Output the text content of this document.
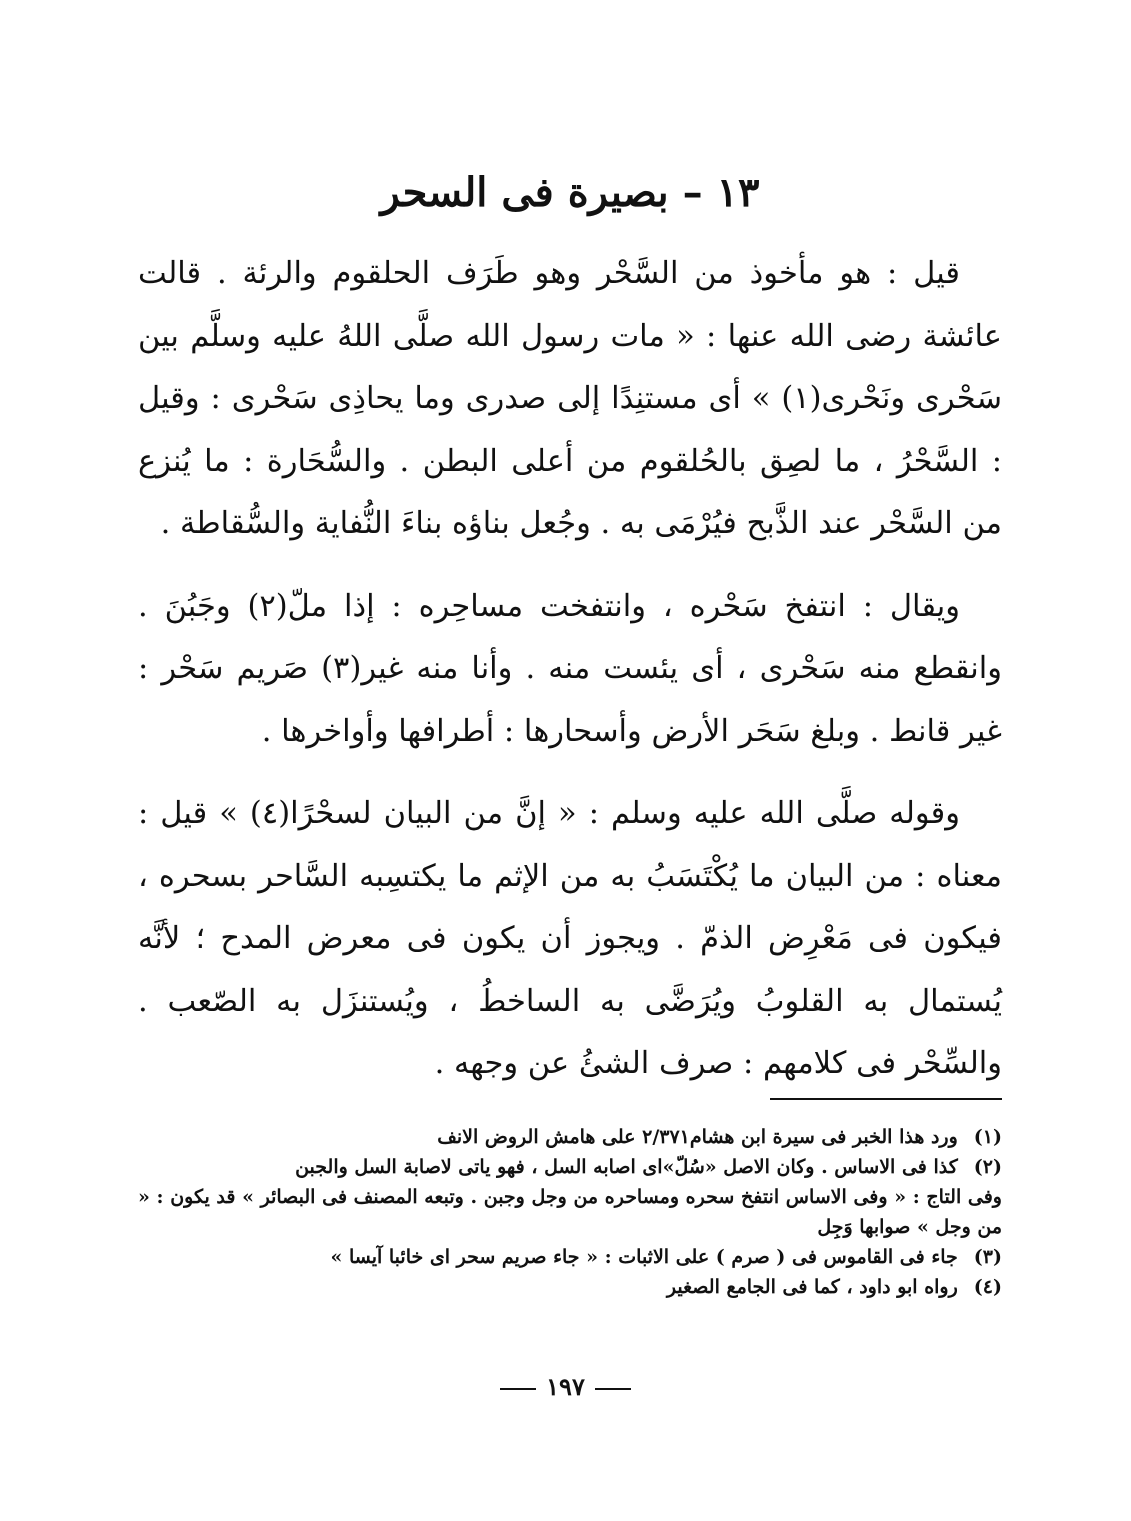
١٣ – بصيرة فى السحر

قيل : هو مأخوذ من السَّحْر وهو طَرَف الحلقوم والرئة . قالت عائشة رضى الله عنها : « مات رسول الله صلَّى اللهُ عليه وسلَّم بين سَحْرى ونَحْرى(١) » أى مستنِدًا إلى صدرى وما يحاذِى سَحْرى : وقيل : السَّحْرُ ، ما لصِق بالحُلقوم من أعلى البطن . والسُّحَارة : ما يُنزع من السَّحْر عند الذَّبح فيُرْمَى به . وجُعل بناؤه بناءَ النُّفاية والسُّقاطة .

ويقال : انتفخ سَحْره ، وانتفخت مساحِره : إذا ملّ(٢) وجَبُنَ . وانقطع منه سَحْرى ، أى يئست منه . وأنا منه غير(٣) صَريم سَحْر : غير قانط . وبلغ سَحَر الأرض وأسحارها : أطرافها وأواخرها .

وقوله صلَّى الله عليه وسلم : « إنَّ من البيان لسحْرًا(٤) » قيل : معناه : من البيان ما يُكْتَسَبُ به من الإثم ما يكتسِبه السَّاحر بسحره ، فيكون فى مَعْرِض الذمّ . ويجوز أن يكون فى معرض المدح ؛ لأنَّه يُستمال به القلوبُ ويُرَضَّى به الساخطُ ، ويُستنزَل به الصّعب . والسِّحْر فى كلامهم : صرف الشئُ عن وجهه .

(١)ورد هذا الخبر فى سيرة ابن هشام٢/٣٧١ على هامش الروض الانف

(٢)كذا فى الاساس . وكان الاصل «سُلّ»اى اصابه السل ، فهو ياتى لاصابة السل والجبن

وفى التاج : « وفى الاساس انتفخ سحره ومساحره من وجل وجبن . وتبعه المصنف فى البصائر » قد يكون : « من وجل » صوابها وَجِل

(٣)جاء فى القاموس فى ( صرم ) على الاثبات : « جاء صريم سحر اى خائبا آيسا »

(٤)رواه ابو داود ، كما فى الجامع الصغير

١٩٧
